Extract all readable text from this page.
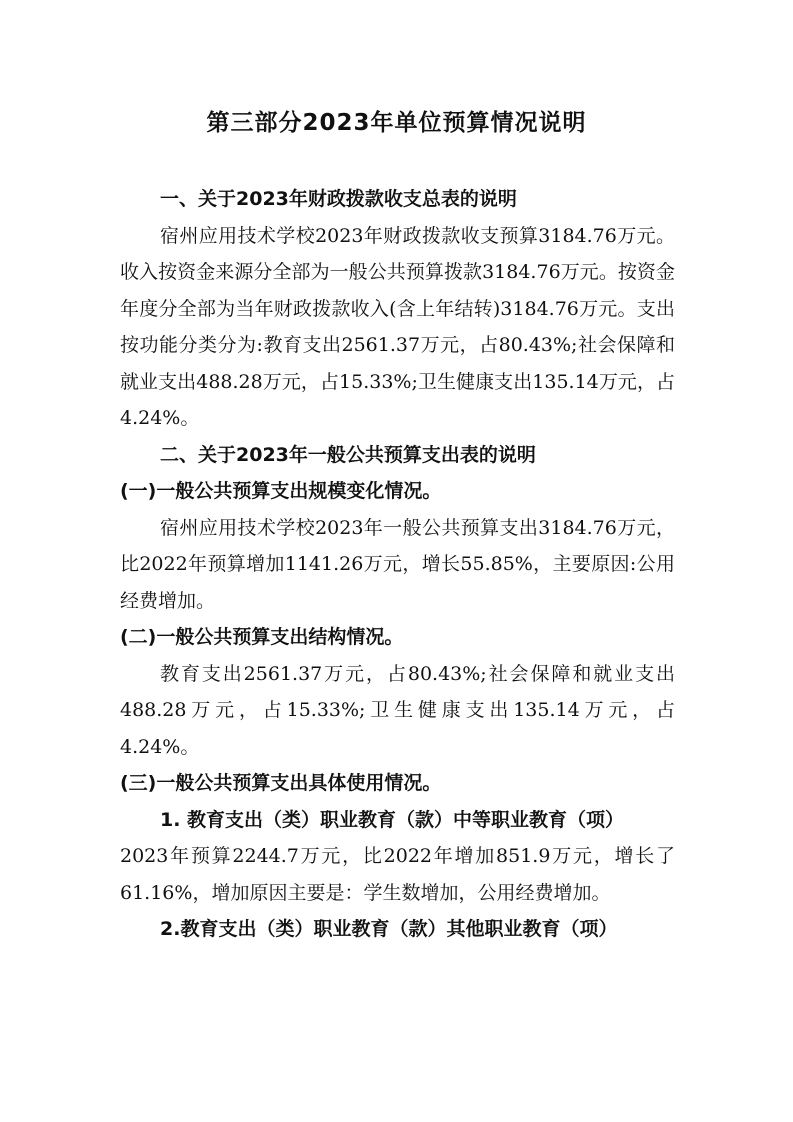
第三部分2023年单位预算情况说明

一、关于2023年财政拨款收支总表的说明

宿州应用技术学校2023年财政拨款收支预算3184.76万元。收入按资金来源分全部为一般公共预算拨款3184.76万元。按资金年度分全部为当年财政拨款收入(含上年结转)3184.76万元。支出按功能分类分为:教育支出2561.37万元，占80.43%;社会保障和就业支出488.28万元，占15.33%;卫生健康支出135.14万元，占4.24%。

二、关于2023年一般公共预算支出表的说明

(一)一般公共预算支出规模变化情况。

宿州应用技术学校2023年一般公共预算支出3184.76万元，比2022年预算增加1141.26万元，增长55.85%，主要原因:公用经费增加。

(二)一般公共预算支出结构情况。

教育支出2561.37万元，占80.43%;社会保障和就业支出488.28万元，占15.33%;卫生健康支出135.14万元，占4.24%。

(三)一般公共预算支出具体使用情况。

1. 教育支出（类）职业教育（款）中等职业教育（项）

2023年预算2244.7万元，比2022年增加851.9万元，增长了61.16%，增加原因主要是：学生数增加，公用经费增加。

2.教育支出（类）职业教育（款）其他职业教育（项）
